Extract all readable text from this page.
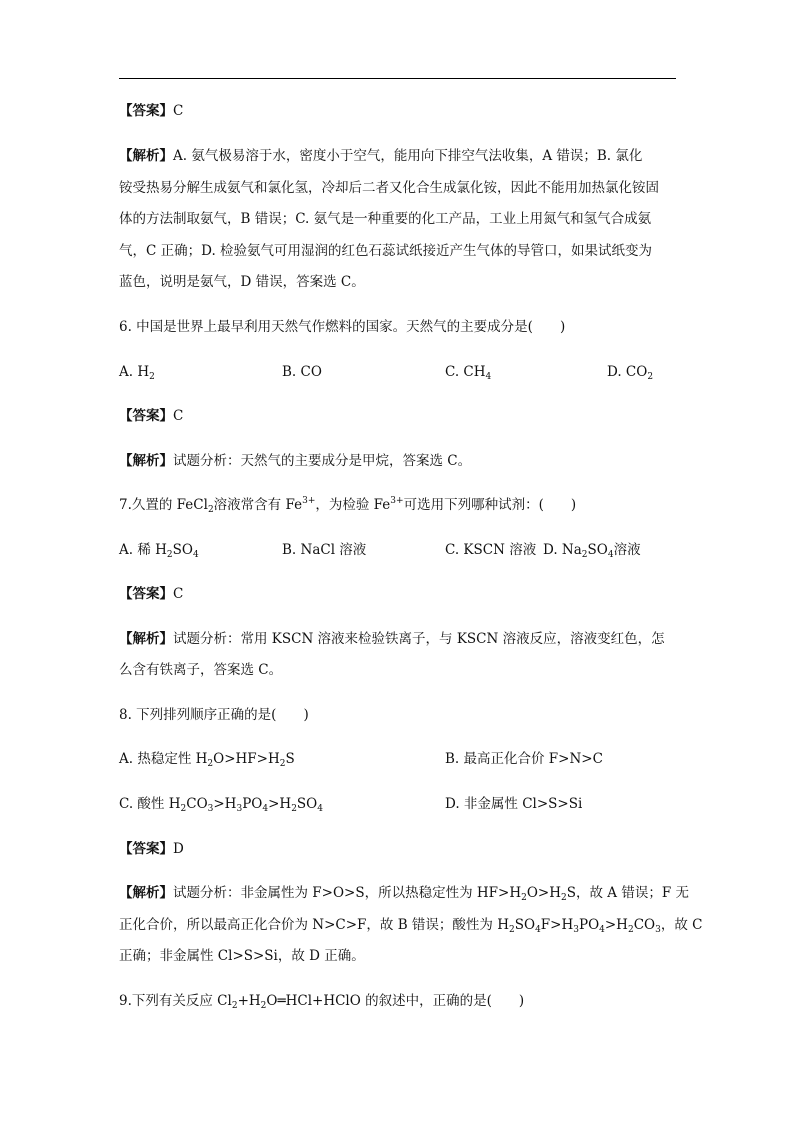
【答案】C
【解析】A. 氨气极易溶于水，密度小于空气，能用向下排空气法收集，A 错误；B. 氯化
铵受热易分解生成氨气和氯化氢，冷却后二者又化合生成氯化铵，因此不能用加热氯化铵固
体的方法制取氨气，B 错误；C. 氨气是一种重要的化工产品，工业上用氮气和氢气合成氨
气，C 正确；D. 检验氨气可用湿润的红色石蕊试纸接近产生气体的导管口，如果试纸变为
蓝色，说明是氨气，D 错误，答案选 C。
6. 中国是世界上最早利用天然气作燃料的国家。天然气的主要成分是(　　)
A. $H_2$	B. CO	C. $CH_4$	D. $CO_2$
【答案】C
【解析】试题分析：天然气的主要成分是甲烷，答案选 C。
7.久置的 FeCl$_2$溶液常含有 $Fe^{3+}$，为检验 $Fe^{3+}$可选用下列哪种试剂：(　　)
A. 稀 $H_2SO_4$	B. NaCl 溶液	C. KSCN 溶液 D. $Na_2SO_4$溶液
【答案】C
【解析】试题分析：常用 KSCN 溶液来检验铁离子，与 KSCN 溶液反应，溶液变红色，怎
么含有铁离子，答案选 C。
8. 下列排列顺序正确的是(　　)
A. 热稳定性 $H_2O>HF>H_2S$	B. 最高正化合价 F>N>C
C. 酸性 $H_2CO_3>H_3PO_4>H_2SO_4$	D. 非金属性 Cl>S>Si
【答案】D
【解析】试题分析：非金属性为 F>O>S，所以热稳定性为 $HF>H_2O>H_2S$，故 A 错误；F 无
正化合价，所以最高正化合价为 N>C>F，故 B 错误；酸性为 $H_2SO_4F>H_3PO_4>H_2CO_3$，故 C
正确；非金属性 Cl>S>Si，故 D 正确。
9.下列有关反应 $Cl_2+H_2O═HCl+HClO$ 的叙述中，正确的是(　　)
